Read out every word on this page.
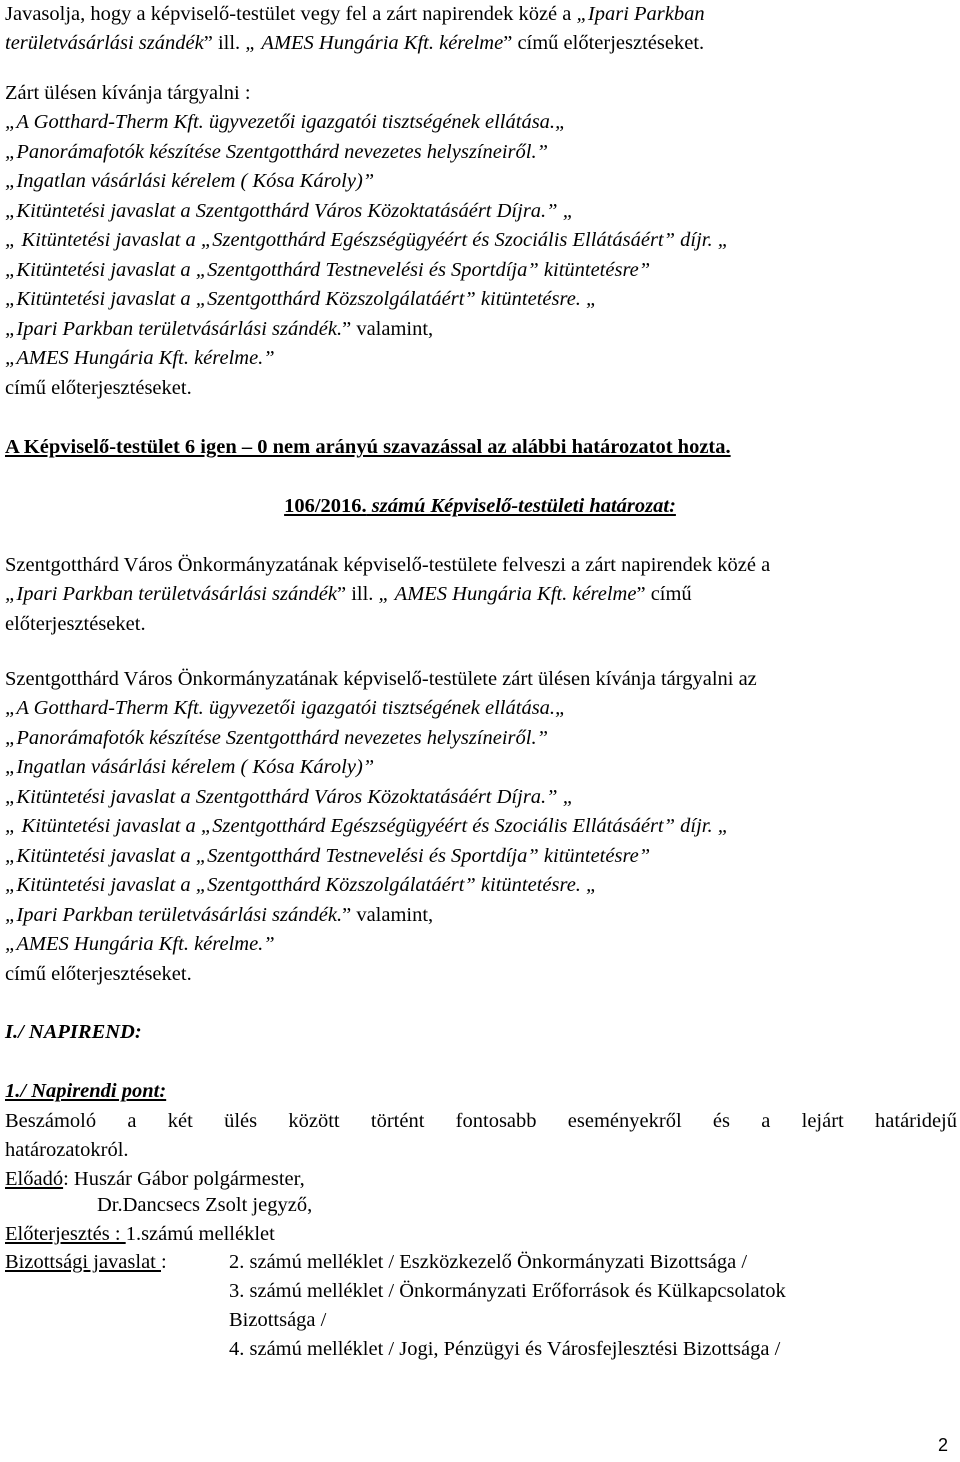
Javasolja, hogy a képviselő-testület vegy fel a zárt napirendek közé a „Ipari Parkban
területvásárlási szándék” ill. „ AMES Hungária Kft. kérelme” című előterjesztéseket.
Zárt ülésen kívánja tárgyalni :
„A Gotthard-Therm Kft. ügyvezetői igazgatói tisztségének ellátása.„
„Panorámafotók készítése Szentgotthárd nevezetes helyszíneiről.”
„Ingatlan vásárlási kérelem ( Kósa Károly)”
„Kitüntetési javaslat a Szentgotthárd Város Közoktatásáért Díjra.” „
„ Kitüntetési javaslat a „Szentgotthárd Egészségügyéért és Szociális Ellátásáért” díjr. „
„Kitüntetési javaslat a „Szentgotthárd Testnevelési és Sportdíja” kitüntetésre”
„Kitüntetési javaslat a „Szentgotthárd Közszolgálatáért” kitüntetésre. „
„Ipari Parkban területvásárlási szándék.” valamint,
„AMES Hungária Kft. kérelme.”
című előterjesztéseket.
A Képviselő-testület 6 igen – 0 nem arányú szavazással az alábbi határozatot hozta.
106/2016. számú Képviselő-testületi határozat:
Szentgotthárd Város Önkormányzatának képviselő-testülete felveszi a zárt napirendek közé a
„Ipari Parkban területvásárlási szándék” ill. „ AMES Hungária Kft. kérelme” című
előterjesztéseket.
Szentgotthárd Város Önkormányzatának képviselő-testülete zárt ülésen kívánja tárgyalni az
„A Gotthard-Therm Kft. ügyvezetői igazgatói tisztségének ellátása.„
„Panorámafotók készítése Szentgotthárd nevezetes helyszíneiről.”
„Ingatlan vásárlási kérelem ( Kósa Károly)”
„Kitüntetési javaslat a Szentgotthárd Város Közoktatásáért Díjra.” „
„ Kitüntetési javaslat a „Szentgotthárd Egészségügyéért és Szociális Ellátásáért” díjr. „
„Kitüntetési javaslat a „Szentgotthárd Testnevelési és Sportdíja” kitüntetésre”
„Kitüntetési javaslat a „Szentgotthárd Közszolgálatáért” kitüntetésre. „
„Ipari Parkban területvásárlási szándék.” valamint,
„AMES Hungária Kft. kérelme.”
című előterjesztéseket.
I./ NAPIREND:
1./ Napirendi pont:
Beszámoló a két ülés között történt fontosabb eseményekről és a lejárt határidejű
határozatokról.
Előadó: Huszár Gábor polgármester,
Dr.Dancsecs Zsolt jegyző,
Előterjesztés : 1.számú melléklet
Bizottsági javaslat :	2. számú melléklet / Eszközkezelő Önkormányzati Bizottsága /
3. számú melléklet / Önkormányzati Erőforrások és Külkapcsolatok
Bizottsága /
4. számú melléklet / Jogi, Pénzügyi és Városfejlesztési Bizottsága /
2
